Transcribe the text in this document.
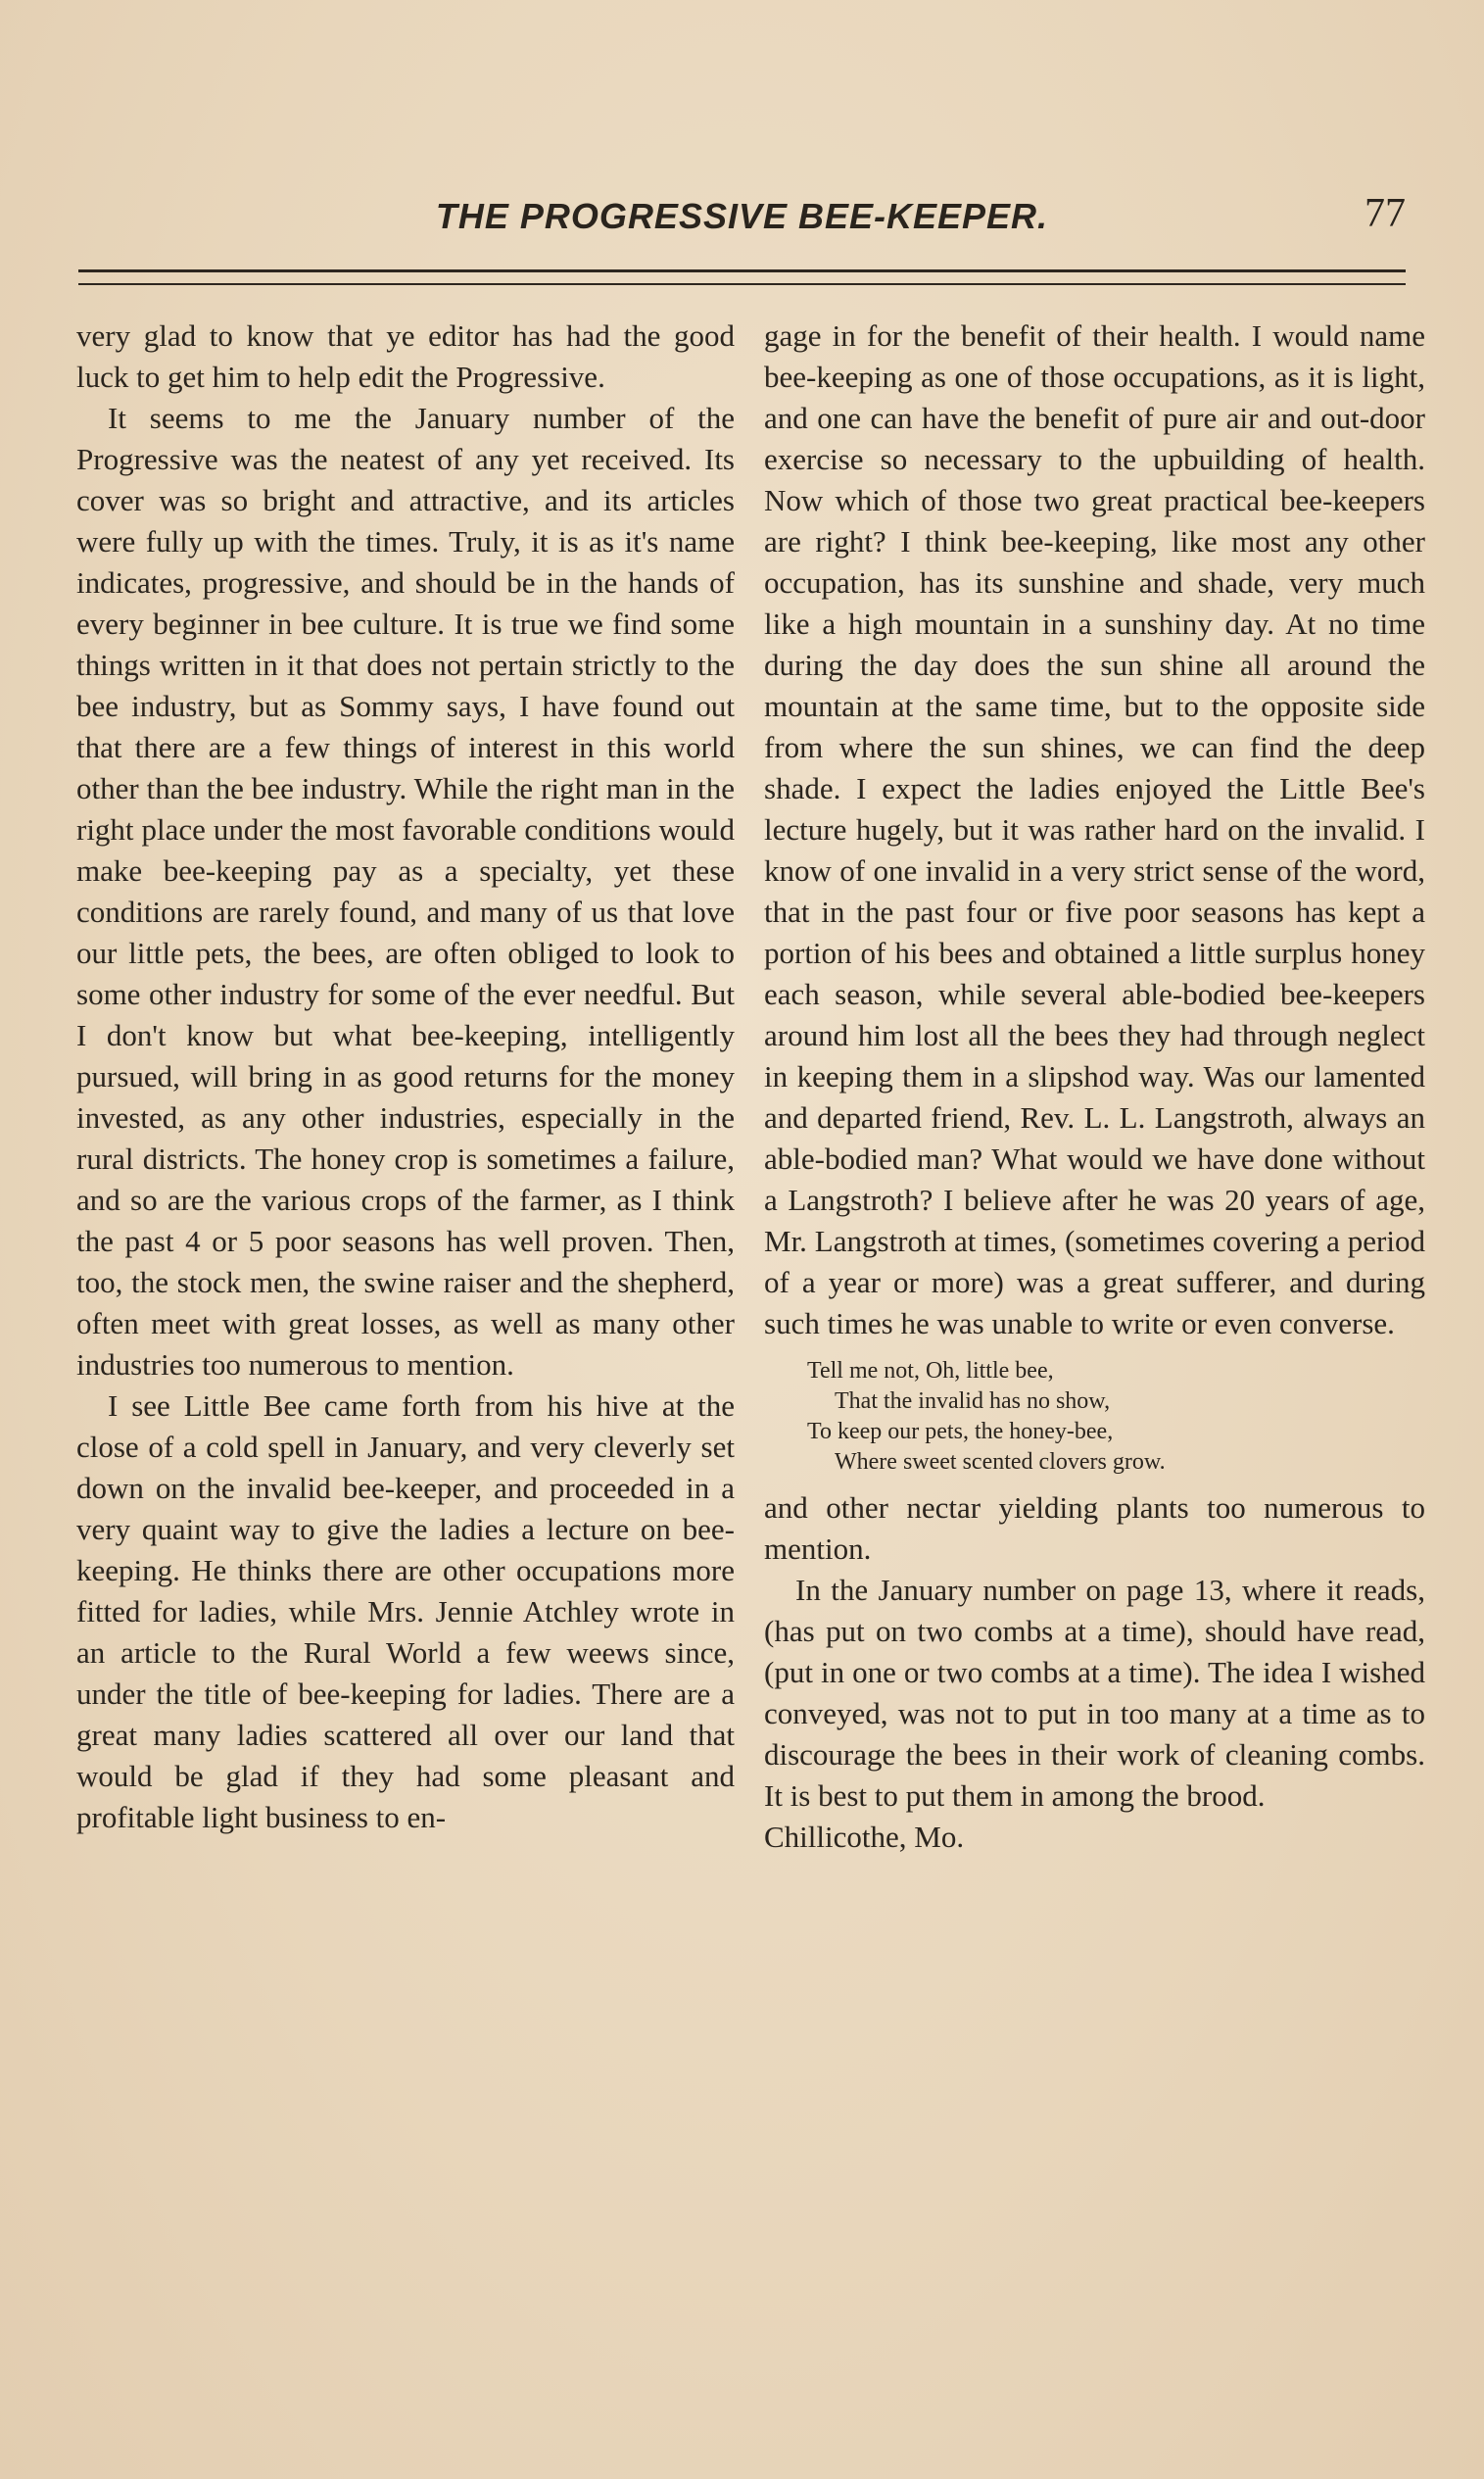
THE PROGRESSIVE BEE-KEEPER.	77

very glad to know that ye editor has had the good luck to get him to help edit the Progressive.

It seems to me the January number of the Progressive was the neatest of any yet received. Its cover was so bright and attractive, and its articles were fully up with the times. Truly, it is as it's name indicates, progressive, and should be in the hands of every beginner in bee culture. It is true we find some things written in it that does not pertain strictly to the bee industry, but as Sommy says, I have found out that there are a few things of interest in this world other than the bee industry. While the right man in the right place under the most favorable conditions would make bee-keeping pay as a specialty, yet these conditions are rarely found, and many of us that love our little pets, the bees, are often obliged to look to some other industry for some of the ever needful. But I don't know but what bee-keeping, intelligently pursued, will bring in as good returns for the money invested, as any other industries, especially in the rural districts. The honey crop is sometimes a failure, and so are the various crops of the farmer, as I think the past 4 or 5 poor seasons has well proven. Then, too, the stock men, the swine raiser and the shepherd, often meet with great losses, as well as many other industries too numerous to mention.

I see Little Bee came forth from his hive at the close of a cold spell in January, and very cleverly set down on the invalid bee-keeper, and proceeded in a very quaint way to give the ladies a lecture on bee-keeping. He thinks there are other occupations more fitted for ladies, while Mrs. Jennie Atchley wrote in an article to the Rural World a few weews since, under the title of bee-keeping for ladies. There are a great many ladies scattered all over our land that would be glad if they had some pleasant and profitable light business to en-

gage in for the benefit of their health. I would name bee-keeping as one of those occupations, as it is light, and one can have the benefit of pure air and out-door exercise so necessary to the upbuilding of health. Now which of those two great practical bee-keepers are right? I think bee-keeping, like most any other occupation, has its sunshine and shade, very much like a high mountain in a sunshiny day. At no time during the day does the sun shine all around the mountain at the same time, but to the opposite side from where the sun shines, we can find the deep shade. I expect the ladies enjoyed the Little Bee's lecture hugely, but it was rather hard on the invalid. I know of one invalid in a very strict sense of the word, that in the past four or five poor seasons has kept a portion of his bees and obtained a little surplus honey each season, while several able-bodied bee-keepers around him lost all the bees they had through neglect in keeping them in a slipshod way. Was our lamented and departed friend, Rev. L. L. Langstroth, always an able-bodied man? What would we have done without a Langstroth? I believe after he was 20 years of age, Mr. Langstroth at times, (sometimes covering a period of a year or more) was a great sufferer, and during such times he was unable to write or even converse.

Tell me not, Oh, little bee,
That the invalid has no show,
To keep our pets, the honey-bee,
Where sweet scented clovers grow.

and other nectar yielding plants too numerous to mention.

In the January number on page 13, where it reads, (has put on two combs at a time), should have read, (put in one or two combs at a time). The idea I wished conveyed, was not to put in too many at a time as to discourage the bees in their work of cleaning combs. It is best to put them in among the brood.

Chillicothe, Mo.
